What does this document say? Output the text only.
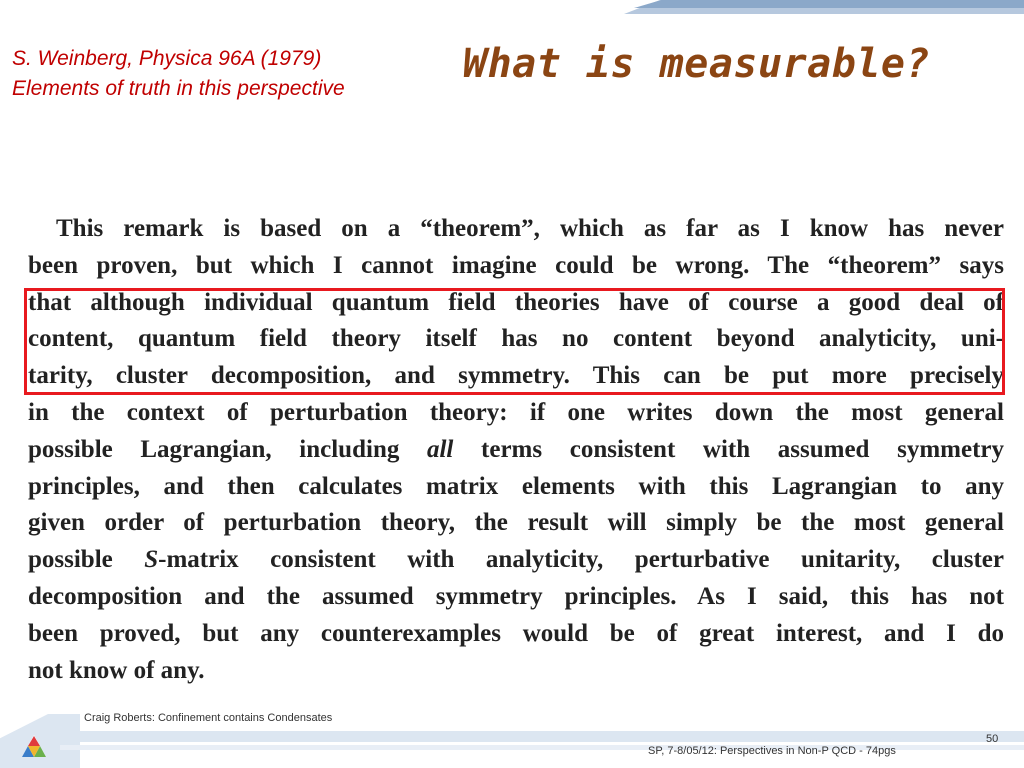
S. Weinberg, Physica 96A (1979)
Elements of truth in this perspective
What is measurable?
This remark is based on a “theorem”, which as far as I know has never
been proven, but which I cannot imagine could be wrong. The “theorem” says
that although individual quantum field theories have of course a good deal of
content, quantum field theory itself has no content beyond analyticity, uni-
tarity, cluster decomposition, and symmetry. This can be put more precisely
in the context of perturbation theory: if one writes down the most general
possible Lagrangian, including all terms consistent with assumed symmetry
principles, and then calculates matrix elements with this Lagrangian to any
given order of perturbation theory, the result will simply be the most general
possible S-matrix consistent with analyticity, perturbative unitarity, cluster
decomposition and the assumed symmetry principles. As I said, this has not
been proved, but any counterexamples would be of great interest, and I do
not know of any.
Craig Roberts: Confinement contains Condensates
50
SP, 7-8/05/12: Perspectives in Non-P QCD - 74pgs
